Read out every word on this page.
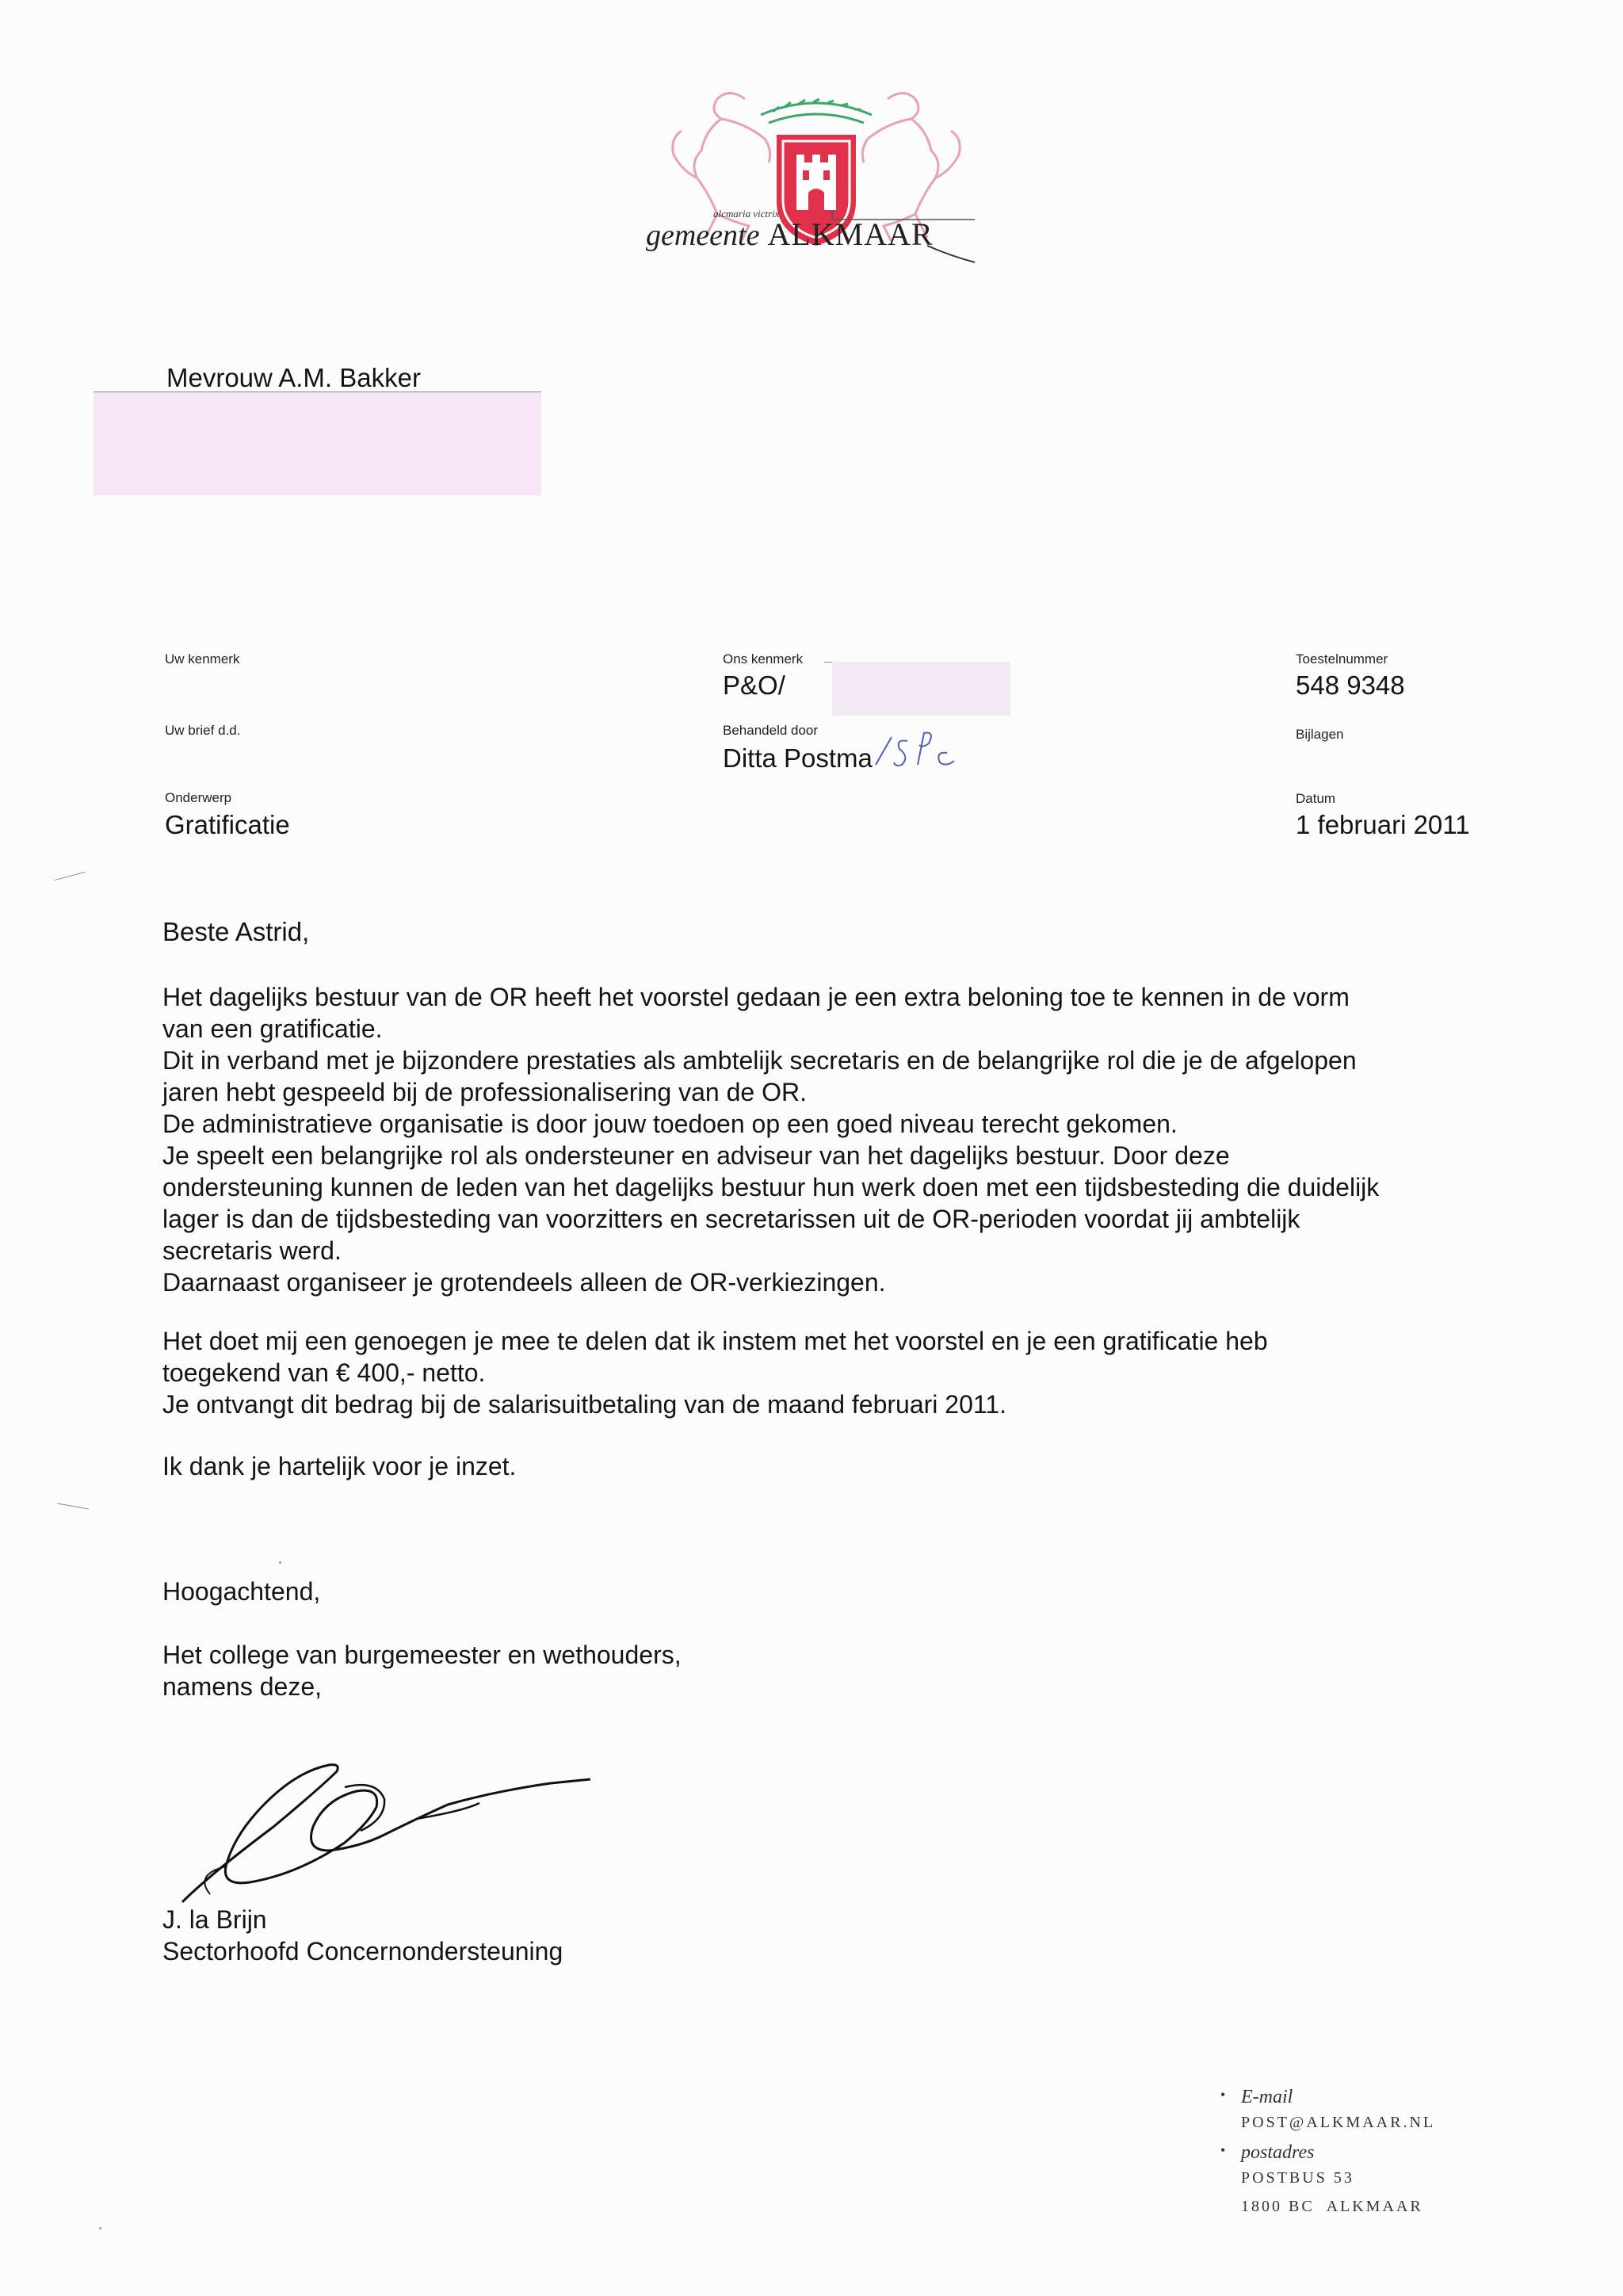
alcmaria victrix
gemeente ALKMAAR
Mevrouw A.M. Bakker
Uw kenmerk
Uw brief d.d.
Onderwerp
Gratificatie
Ons kenmerk
P&O/
Behandeld door
Ditta Postma
Toestelnummer
548 9348
Bijlagen
Datum
1 februari 2011
Beste Astrid,
Het dagelijks bestuur van de OR heeft het voorstel gedaan je een extra beloning toe te kennen in de vorm
van een gratificatie.
Dit in verband met je bijzondere prestaties als ambtelijk secretaris en de belangrijke rol die je de afgelopen
jaren hebt gespeeld bij de professionalisering van de OR.
De administratieve organisatie is door jouw toedoen op een goed niveau terecht gekomen.
Je speelt een belangrijke rol als ondersteuner en adviseur van het dagelijks bestuur. Door deze
ondersteuning kunnen de leden van het dagelijks bestuur hun werk doen met een tijdsbesteding die duidelijk
lager is dan de tijdsbesteding van voorzitters en secretarissen uit de OR-perioden voordat jij ambtelijk
secretaris werd.
Daarnaast organiseer je grotendeels alleen de OR-verkiezingen.
Het doet mij een genoegen je mee te delen dat ik instem met het voorstel en je een gratificatie heb
toegekend van € 400,- netto.
Je ontvangt dit bedrag bij de salarisuitbetaling van de maand februari 2011.
Ik dank je hartelijk voor je inzet.
Hoogachtend,
Het college van burgemeester en wethouders,
namens deze,
J. la Brijn
Sectorhoofd Concernondersteuning
• E-mail
POST@ALKMAAR.NL
• postadres
POSTBUS 53
1800 BC  ALKMAAR
